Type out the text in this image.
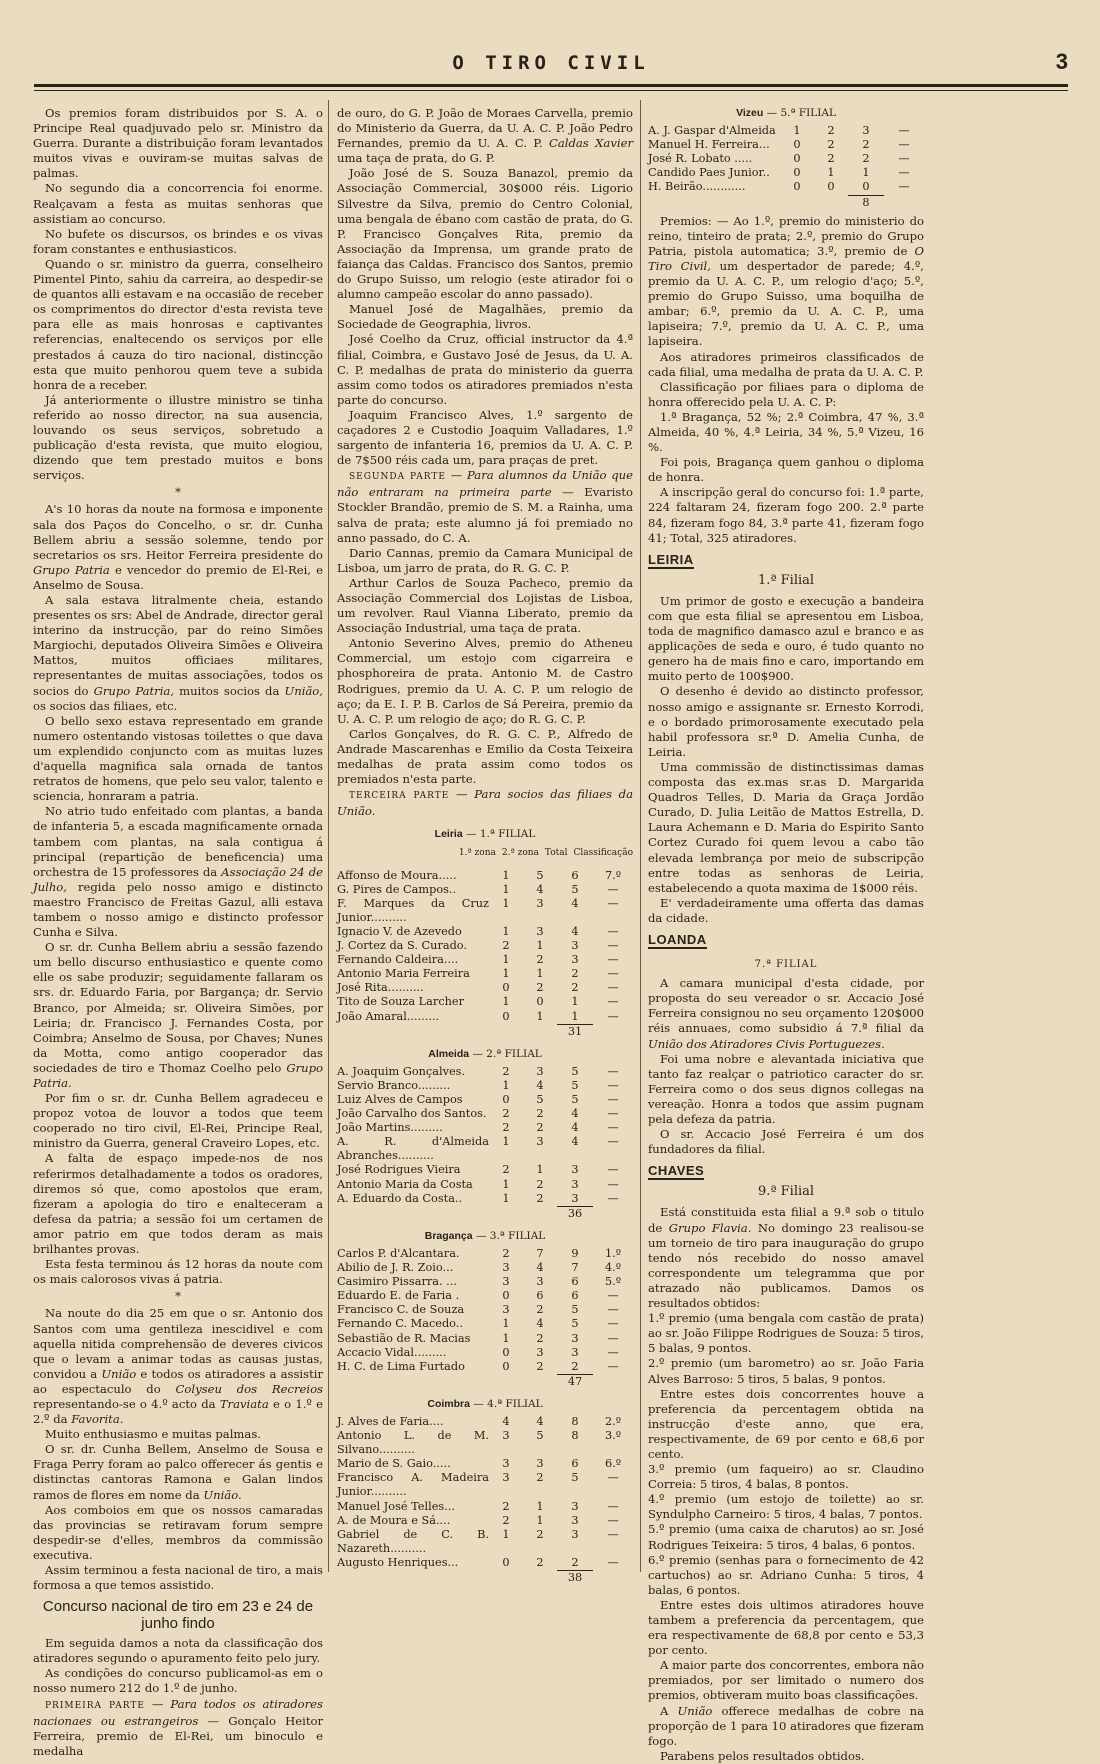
O TIRO CIVIL	3

Os premios foram distribuidos por S. A. o Principe Real quadjuvado pelo sr. Ministro da Guerra. Durante a distribuição foram levantados muitos vivas e ouviram-se muitas salvas de palmas.

No segundo dia a concorrencia foi enorme. Realçavam a festa as muitas senhoras que assistiam ao concurso.

No bufete os discursos, os brindes e os vivas foram constantes e enthusiasticos.

Quando o sr. ministro da guerra, conselheiro Pimentel Pinto, sahiu da carreira, ao despedir-se de quantos alli estavam e na occasião de receber os comprimentos do director d'esta revista teve para elle as mais honrosas e captivantes referencias, enaltecendo os serviços por elle prestados á cauza do tiro nacional, distincção esta que muito penhorou quem teve a subida honra de a receber.

Já anteriormente o illustre ministro se tinha referido ao nosso director, na sua ausencia, louvando os seus serviços, sobretudo a publicação d'esta revista, que muito elogiou, dizendo que tem prestado muitos e bons serviços.

*

A's 10 horas da noute na formosa e imponente sala dos Paços do Concelho, o sr. dr. Cunha Bellem abriu a sessão solemne, tendo por secretarios os srs. Heitor Ferreira presidente do Grupo Patria e vencedor do premio de El-Rei, e Anselmo de Sousa.

A sala estava litralmente cheia, estando presentes os srs: Abel de Andrade, director geral interino da instrucção, par do reino Simões Margiochi, deputados Oliveira Simões e Oliveira Mattos, muitos officiaes militares, representantes de muitas associações, todos os socios do Grupo Patria, muitos socios da União, os socios das filiaes, etc.

O bello sexo estava representado em grande numero ostentando vistosas toilettes o que dava um explendido conjuncto com as muitas luzes d'aquella magnifica sala ornada de tantos retratos de homens, que pelo seu valor, talento e sciencia, honraram a patria.

No atrio tudo enfeitado com plantas, a banda de infanteria 5, a escada magnificamente ornada tambem com plantas, na sala contigua á principal (repartição de beneficencia) uma orchestra de 15 professores da Associação 24 de Julho, regida pelo nosso amigo e distincto maestro Francisco de Freitas Gazul, alli estava tambem o nosso amigo e distincto professor Cunha e Silva.

O sr. dr. Cunha Bellem abriu a sessão fazendo um bello discurso enthusiastico e quente como elle os sabe produzir; seguidamente fallaram os srs. dr. Eduardo Faria, por Bargança; dr. Servio Branco, por Almeida; sr. Oliveira Simões, por Leiria; dr. Francisco J. Fernandes Costa, por Coimbra; Anselmo de Sousa, por Chaves; Nunes da Motta, como antigo cooperador das sociedades de tiro e Thomaz Coelho pelo Grupo Patria.

Por fim o sr. dr. Cunha Bellem agradeceu e propoz votoa de louvor a todos que teem cooperado no tiro civil, El-Rei, Principe Real, ministro da Guerra, general Craveiro Lopes, etc.

A falta de espaço impede-nos de nos referirmos detalhadamente a todos os oradores, diremos só que, como apostolos que eram, fizeram a apologia do tiro e enalteceram a defesa da patria; a sessão foi um certamen de amor patrio em que todos deram as mais brilhantes provas.

Esta festa terminou ás 12 horas da noute com os mais calorosos vivas á patria.

*

Na noute do dia 25 em que o sr. Antonio dos Santos com uma gentileza inescidivel e com aquella nitida comprehensão de deveres civicos que o levam a animar todas as causas justas, convidou a União e todos os atiradores a assistir ao espectaculo do Colyseu dos Recreios representando-se o 4.º acto da Traviata e o 1.º e 2.º da Favorita.

Muito enthusiasmo e muitas palmas.

O sr. dr. Cunha Bellem, Anselmo de Sousa e Fraga Perry foram ao palco offerecer ás gentis e distinctas cantoras Ramona e Galan lindos ramos de flores em nome da União.

Aos comboios em que os nossos camaradas das provincias se retiravam forum sempre despedir-se d'elles, membros da commissão executiva.

Assim terminou a festa nacional de tiro, a mais formosa a que temos assistido.

Concurso nacional de tiro em 23 e 24 de junho findo

Em seguida damos a nota da classificação dos atiradores segundo o apuramento feito pelo jury.

As condições do concurso publicamol-as em o nosso numero 212 do 1.º de junho.

PRIMEIRA PARTE — Para todos os atiradores nacionaes ou estrangeiros — Gonçalo Heitor Ferreira, premio de El-Rei, um binoculo e medalha

de ouro, do G. P. João de Moraes Carvella, premio do Ministerio da Guerra, da U. A. C. P. João Pedro Fernandes, premio da U. A. C. P. Caldas Xavier uma taça de prata, do G. P.

João José de S. Souza Banazol, premio da Associação Commercial, 30$000 réis. Ligorio Silvestre da Silva, premio do Centro Colonial, uma bengala de ébano com castão de prata, do G. P. Francisco Gonçalves Rita, premio da Associação da Imprensa, um grande prato de faiança das Caldas. Francisco dos Santos, premio do Grupo Suisso, um relogio (este atirador foi o alumno campeão escolar do anno passado).

Manuel José de Magalhães, premio da Sociedade de Geographia, livros.

José Coelho da Cruz, official instructor da 4.ª filial, Coimbra, e Gustavo José de Jesus, da U. A. C. P. medalhas de prata do ministerio da guerra assim como todos os atiradores premiados n'esta parte do concurso.

Joaquim Francisco Alves, 1.º sargento de caçadores 2 e Custodio Joaquim Valladares, 1.º sargento de infanteria 16, premios da U. A. C. P. de 7$500 réis cada um, para praças de pret.

SEGUNDA PARTE — Para alumnos da União que não entraram na primeira parte — Evaristo Stockler Brandão, premio de S. M. a Rainha, uma salva de prata; este alumno já foi premiado no anno passado, do C. A.

Dario Cannas, premio da Camara Municipal de Lisboa, um jarro de prata, do R. G. C. P.

Arthur Carlos de Souza Pacheco, premio da Associação Commercial dos Lojistas de Lisboa, um revolver. Raul Vianna Liberato, premio da Associação Industrial, uma taça de prata.

Antonio Severino Alves, premio do Atheneu Commercial, um estojo com cigarreira e phosphoreira de prata. Antonio M. de Castro Rodrigues, premio da U. A. C. P. um relogio de aço; da E. I. P. B. Carlos de Sá Pereira, premio da U. A. C. P. um relogio de aço; do R. G. C. P.

Carlos Gonçalves, do R. G. C. P., Alfredo de Andrade Mascarenhas e Emilio da Costa Teixeira medalhas de prata assim como todos os premiados n'esta parte.

TERCEIRA PARTE — Para socios das filiaes da União.

Leiria — 1.ª FILIAL
1.ª zona 2.ª zona Total Classificação
Affonso de Moura.....	1	5	6	7.º
G. Pires de Campos..	1	4	5	—
F. Marques da Cruz Junior..........	1	3	4	—
Ignacio V. de Azevedo	1	3	4	—
J. Cortez da S. Curado.	2	1	3	—
Fernando Caldeira....	1	2	3	—
Antonio Maria Ferreira	1	1	2	—
José Rita..........	0	2	2	—
Tito de Souza Larcher	1	0	1	—
João Amaral.........	0	1	1	—
			31	
Almeida — 2.ª FILIAL
A. Joaquim Gonçalves.	2	3	5	—
Servio Branco.........	1	4	5	—
Luiz Alves de Campos	0	5	5	—
João Carvalho dos Santos.	2	2	4	—
João Martins.........	2	2	4	—
A. R. d'Almeida Abranches..........	1	3	4	—
José Rodrigues Vieira	2	1	3	—
Antonio Maria da Costa	1	2	3	—
A. Eduardo da Costa..	1	2	3	—
			36	
Bragança — 3.ª FILIAL
Carlos P. d'Alcantara.	2	7	9	1.º
Abilio de J. R. Zoio...	3	4	7	4.º
Casimiro Pissarra. ...	3	3	6	5.º
Eduardo E. de Faria .	0	6	6	—
Francisco C. de Souza	3	2	5	—
Fernando C. Macedo..	1	4	5	—
Sebastião de R. Macias	1	2	3	—
Accacio Vidal.........	0	3	3	—
H. C. de Lima Furtado	0	2	2	—
			47	
Coimbra — 4.ª FILIAL
J. Alves de Faria....	4	4	8	2.º
Antonio L. de M. Silvano..........	3	5	8	3.º
Mario de S. Gaio.....	3	3	6	6.º
Francisco A. Madeira Junior..........	3	2	5	—
Manuel José Telles...	2	1	3	—
A. de Moura e Sá....	2	1	3	—
Gabriel de C. B. Nazareth..........	1	2	3	—
Augusto Henriques...	0	2	2	—
			38	
Vizeu — 5.ª FILIAL
A. J. Gaspar d'Almeida	1	2	3	—
Manuel H. Ferreira...	0	2	2	—
José R. Lobato .....	0	2	2	—
Candido Paes Junior..	0	1	1	—
H. Beirão............	0	0	0	—
			8	

Premios: — Ao 1.º, premio do ministerio do reino, tinteiro de prata; 2.º, premio do Grupo Patria, pistola automatica; 3.º, premio de O Tiro Civil, um despertador de parede; 4.º, premio da U. A. C. P., um relogio d'aço; 5.º, premio do Grupo Suisso, uma boquilha de ambar; 6.º, premio da U. A. C. P., uma lapiseira; 7.º, premio da U. A. C. P., uma lapiseira.

Aos atiradores primeiros classificados de cada filial, uma medalha de prata da U. A. C. P.

Classificação por filiaes para o diploma de honra offerecido pela U. A. C. P:

1.ª Bragança, 52 %; 2.ª Coimbra, 47 %, 3.ª Almeida, 40 %, 4.ª Leiria, 34 %, 5.ª Vizeu, 16 %.

Foi pois, Bragança quem ganhou o diploma de honra.

A inscripção geral do concurso foi: 1.ª parte, 224 faltaram 24, fizeram fogo 200. 2.ª parte 84, fizeram fogo 84, 3.ª parte 41, fizeram fogo 41; Total, 325 atiradores.

LEIRIA
1.ª Filial

Um primor de gosto e execução a bandeira com que esta filial se apresentou em Lisboa, toda de magnifico damasco azul e branco e as applicações de seda e ouro, é tudo quanto no genero ha de mais fino e caro, importando em muito perto de 100$900.

O desenho é devido ao distincto professor, nosso amigo e assignante sr. Ernesto Korrodi, e o bordado primorosamente executado pela habil professora sr.ª D. Amelia Cunha, de Leiria.

Uma commissão de distinctissimas damas composta das ex.mas sr.as D. Margarida Quadros Telles, D. Maria da Graça Jordão Curado, D. Julia Leitão de Mattos Estrella, D. Laura Achemann e D. Maria do Espirito Santo Cortez Curado foi quem levou a cabo tão elevada lembrança por meio de subscripção entre todas as senhoras de Leiria, estabelecendo a quota maxima de 1$000 réis.

E' verdadeiramente uma offerta das damas da cidade.

LOANDA
7.ª FILIAL

A camara municipal d'esta cidade, por proposta do seu vereador o sr. Accacio José Ferreira consignou no seu orçamento 120$000 réis annuaes, como subsidio á 7.ª filial da União dos Atiradores Civis Portuguezes.

Foi uma nobre e alevantada iniciativa que tanto faz realçar o patriotico caracter do sr. Ferreira como o dos seus dignos collegas na vereação. Honra a todos que assim pugnam pela defeza da patria.

O sr. Accacio José Ferreira é um dos fundadores da filial.

CHAVES
9.ª Filial

Está constituida esta filial a 9.ª sob o titulo de Grupo Flavia. No domingo 23 realisou-se um torneio de tiro para inauguração do grupo tendo nós recebido do nosso amavel correspondente um telegramma que por atrazado não publicamos. Damos os resultados obtidos:

1.º premio (uma bengala com castão de prata) ao sr. João Filippe Rodrigues de Souza: 5 tiros, 5 balas, 9 pontos.

2.º premio (um barometro) ao sr. João Faria Alves Barroso: 5 tiros, 5 balas, 9 pontos.

Entre estes dois concorrentes houve a preferencia da percentagem obtida na instrucção d'este anno, que era, respectivamente, de 69 por cento e 68,6 por cento.

3.º premio (um faqueiro) ao sr. Claudino Correia: 5 tiros, 4 balas, 8 pontos.

4.º premio (um estojo de toilette) ao sr. Syndulpho Carneiro: 5 tiros, 4 balas, 7 pontos.

5.º premio (uma caixa de charutos) ao sr. José Rodrigues Teixeira: 5 tiros, 4 balas, 6 pontos.

6.º premio (senhas para o fornecimento de 42 cartuchos) ao sr. Adriano Cunha: 5 tiros, 4 balas, 6 pontos.

Entre estes dois ultimos atiradores houve tambem a preferencia da percentagem, que era respectivamente de 68,8 por cento e 53,3 por cento.

A maior parte dos concorrentes, embora não premiados, por ser limitado o numero dos premios, obtiveram muito boas classificações.

A União offerece medalhas de cobre na proporção de 1 para 10 atiradores que fizeram fogo.

Parabens pelos resultados obtidos.
